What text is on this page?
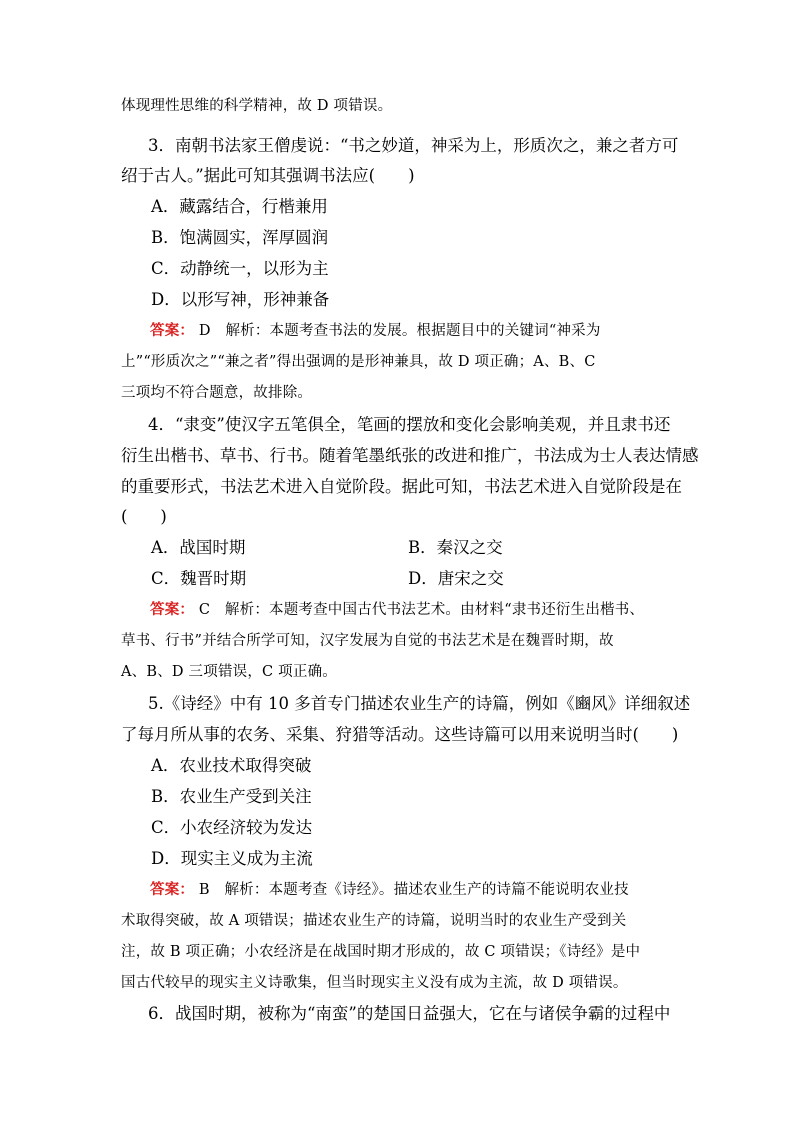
体现理性思维的科学精神，故 D 项错误。
3．南朝书法家王僧虔说：“书之妙道，神采为上，形质次之，兼之者方可
绍于古人。”据此可知其强调书法应(　　)
A．藏露结合，行楷兼用
B．饱满圆实，浑厚圆润
C．动静统一，以形为主
D．以形写神，形神兼备
答案： D　解析：本题考查书法的发展。根据题目中的关键词“神采为
上”“形质次之”“兼之者”得出强调的是形神兼具，故 D 项正确；A、B、C
三项均不符合题意，故排除。
4．“隶变”使汉字五笔俱全，笔画的摆放和变化会影响美观，并且隶书还
衍生出楷书、草书、行书。随着笔墨纸张的改进和推广，书法成为士人表达情感
的重要形式，书法艺术进入自觉阶段。据此可知，书法艺术进入自觉阶段是在
(　　)
A．战国时期	B．秦汉之交
C．魏晋时期	D．唐宋之交
答案： C　解析：本题考查中国古代书法艺术。由材料“隶书还衍生出楷书、
草书、行书”并结合所学可知，汉字发展为自觉的书法艺术是在魏晋时期，故
A、B、D 三项错误，C 项正确。
5.《诗经》中有 10 多首专门描述农业生产的诗篇，例如《豳风》详细叙述
了每月所从事的农务、采集、狩猎等活动。这些诗篇可以用来说明当时(　　)
A．农业技术取得突破
B．农业生产受到关注
C．小农经济较为发达
D．现实主义成为主流
答案： B　解析：本题考查《诗经》。描述农业生产的诗篇不能说明农业技
术取得突破，故 A 项错误；描述农业生产的诗篇，说明当时的农业生产受到关
注，故 B 项正确；小农经济是在战国时期才形成的，故 C 项错误；《诗经》是中
国古代较早的现实主义诗歌集，但当时现实主义没有成为主流，故 D 项错误。
6．战国时期，被称为“南蛮”的楚国日益强大，它在与诸侯争霸的过程中
